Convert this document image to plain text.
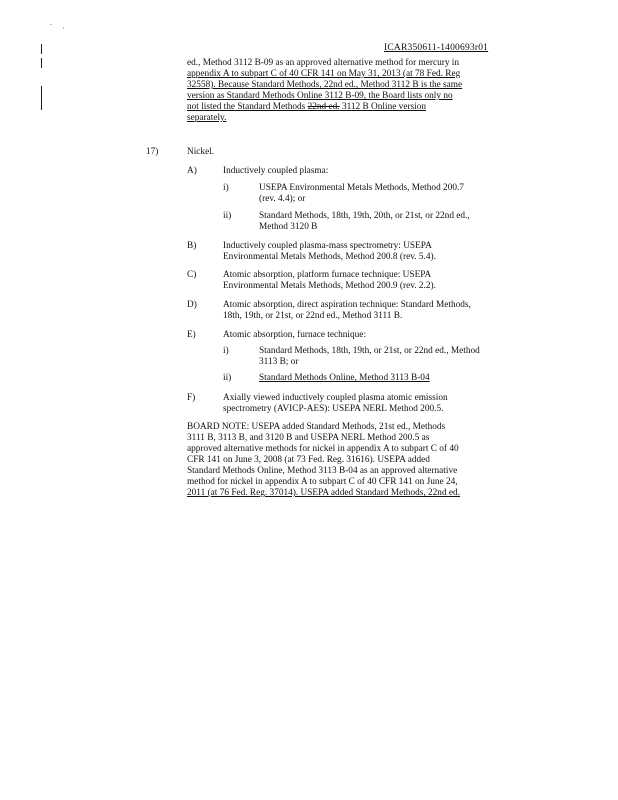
.
·
ICAR350611-1400693r01
ed., Method 3112 B-09 as an approved alternative method for mercury in
appendix A to subpart C of 40 CFR 141 on May 31, 2013 (at 78 Fed. Reg
32558). Because Standard Methods, 22nd ed., Method 3112 B is the same
version as Standard Methods Online 3112 B-09, the Board lists only no
not listed the Standard Methods 22nd ed. 3112 B Online version
separately.
17)	Nickel.
A)	Inductively coupled plasma:
i)	USEPA Environmental Metals Methods, Method 200.7
(rev. 4.4); or
ii)	Standard Methods, 18th, 19th, 20th, or 21st, or 22nd ed.,
Method 3120 B
B)	Inductively coupled plasma-mass spectrometry: USEPA
Environmental Metals Methods, Method 200.8 (rev. 5.4).
C)	Atomic absorption, platform furnace technique: USEPA
Environmental Metals Methods, Method 200.9 (rev. 2.2).
D)	Atomic absorption, direct aspiration technique: Standard Methods,
18th, 19th, or 21st, or 22nd ed., Method 3111 B.
E)	Atomic absorption, furnace technique:
i)	Standard Methods, 18th, 19th, or 21st, or 22nd ed., Method
3113 B; or
ii)	Standard Methods Online, Method 3113 B-04
F)	Axially viewed inductively coupled plasma atomic emission
spectrometry (AVICP-AES): USEPA NERL Method 200.5.
BOARD NOTE: USEPA added Standard Methods, 21st ed., Methods
3111 B, 3113 B, and 3120 B and USEPA NERL Method 200.5 as
approved alternative methods for nickel in appendix A to subpart C of 40
CFR 141 on June 3, 2008 (at 73 Fed. Reg. 31616). USEPA added
Standard Methods Online, Method 3113 B-04 as an approved alternative
method for nickel in appendix A to subpart C of 40 CFR 141 on June 24,
2011 (at 76 Fed. Reg. 37014). USEPA added Standard Methods, 22nd ed.
